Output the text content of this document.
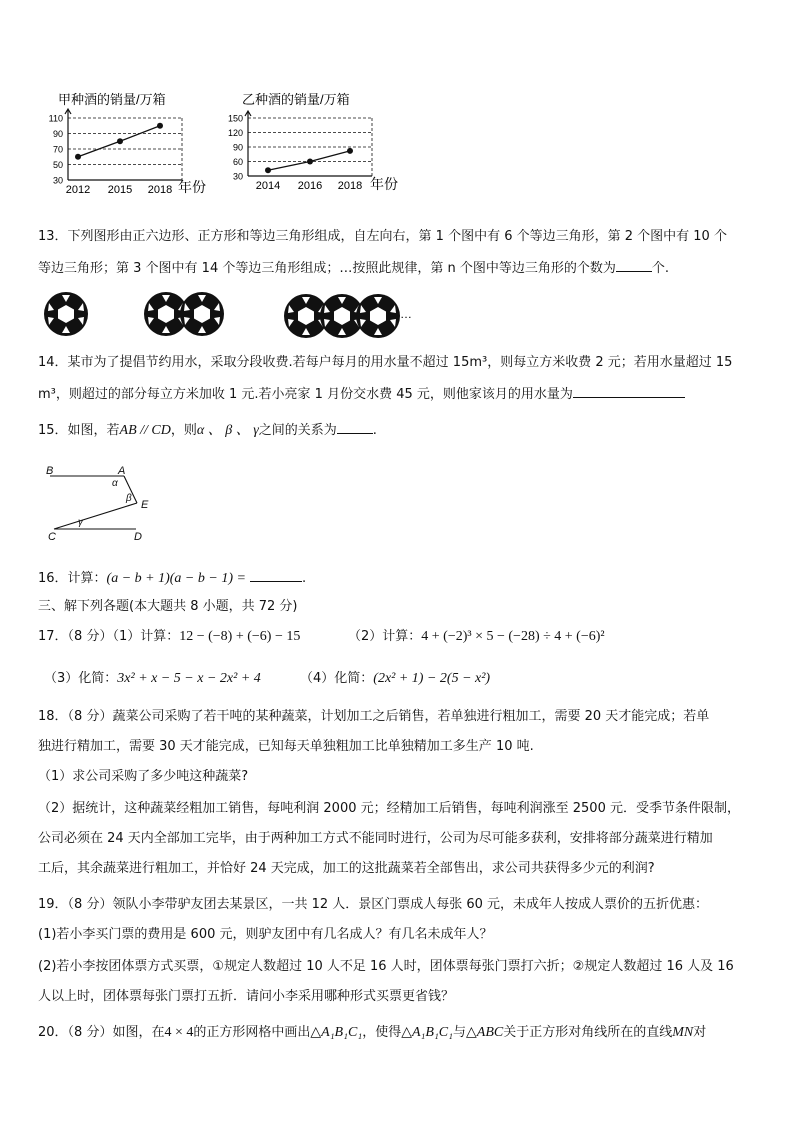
甲种酒的销量/万箱
30
50
70
90
110
2012 2015 2018 年份
乙种酒的销量/万箱
30
60
90
120
150
2014 2016 2018 年份
13．下列图形由正六边形、正方形和等边三角形组成，自左向右，第 1 个图中有 6 个等边三角形，第 2 个图中有 10 个
等边三角形；第 3 个图中有 14 个等边三角形组成；…按照此规律，第 n 个图中等边三角形的个数为	个.
…
14．某市为了提倡节约用水，采取分段收费.若每户每月的用水量不超过 15m³，则每立方米收费 2 元；若用水量超过 15
m³，则超过的部分每立方米加收 1 元.若小亮家 1 月份交水费 45 元，则他家该月的用水量为
15．如图，若AB // CD，则α 、 β 、 γ之间的关系为	.
B	A
E
C	D
α
β
γ
16．计算：(a − b + 1)(a − b − 1) =	.
三、解下列各题(本大题共 8 小题，共 72 分)
17．（8 分）（1）计算：12 − (−8) + (−6) − 15	（2）计算：4 + (−2)³ × 5 − (−28) ÷ 4 + (−6)²
（3）化简：3x² + x − 5 − x − 2x² + 4	（4）化简：(2x² + 1) − 2(5 − x²)
18．（8 分）蔬菜公司采购了若干吨的某种蔬菜，计划加工之后销售，若单独进行粗加工，需要 20 天才能完成；若单
独进行精加工，需要 30 天才能完成，已知每天单独粗加工比单独精加工多生产 10 吨.
（1）求公司采购了多少吨这种蔬菜?
（2）据统计，这种蔬菜经粗加工销售，每吨利润 2000 元；经精加工后销售，每吨利润涨至 2500 元．受季节条件限制，
公司必须在 24 天内全部加工完毕，由于两种加工方式不能同时进行，公司为尽可能多获利，安排将部分蔬菜进行精加
工后，其余蔬菜进行粗加工，并恰好 24 天完成，加工的这批蔬菜若全部售出，求公司共获得多少元的利润?
19．（8 分）领队小李带驴友团去某景区，一共 12 人．景区门票成人每张 60 元，未成年人按成人票价的五折优惠：
(1)若小李买门票的费用是 600 元，则驴友团中有几名成人？有几名未成年人？
(2)若小李按团体票方式买票，①规定人数超过 10 人不足 16 人时，团体票每张门票打六折；②规定人数超过 16 人及 16
人以上时，团体票每张门票打五折．请问小李采用哪种形式买票更省钱？
20．（8 分）如图，在4 × 4的正方形网格中画出△A₁B₁C₁，使得△A₁B₁C₁与△ABC关于正方形对角线所在的直线MN对
